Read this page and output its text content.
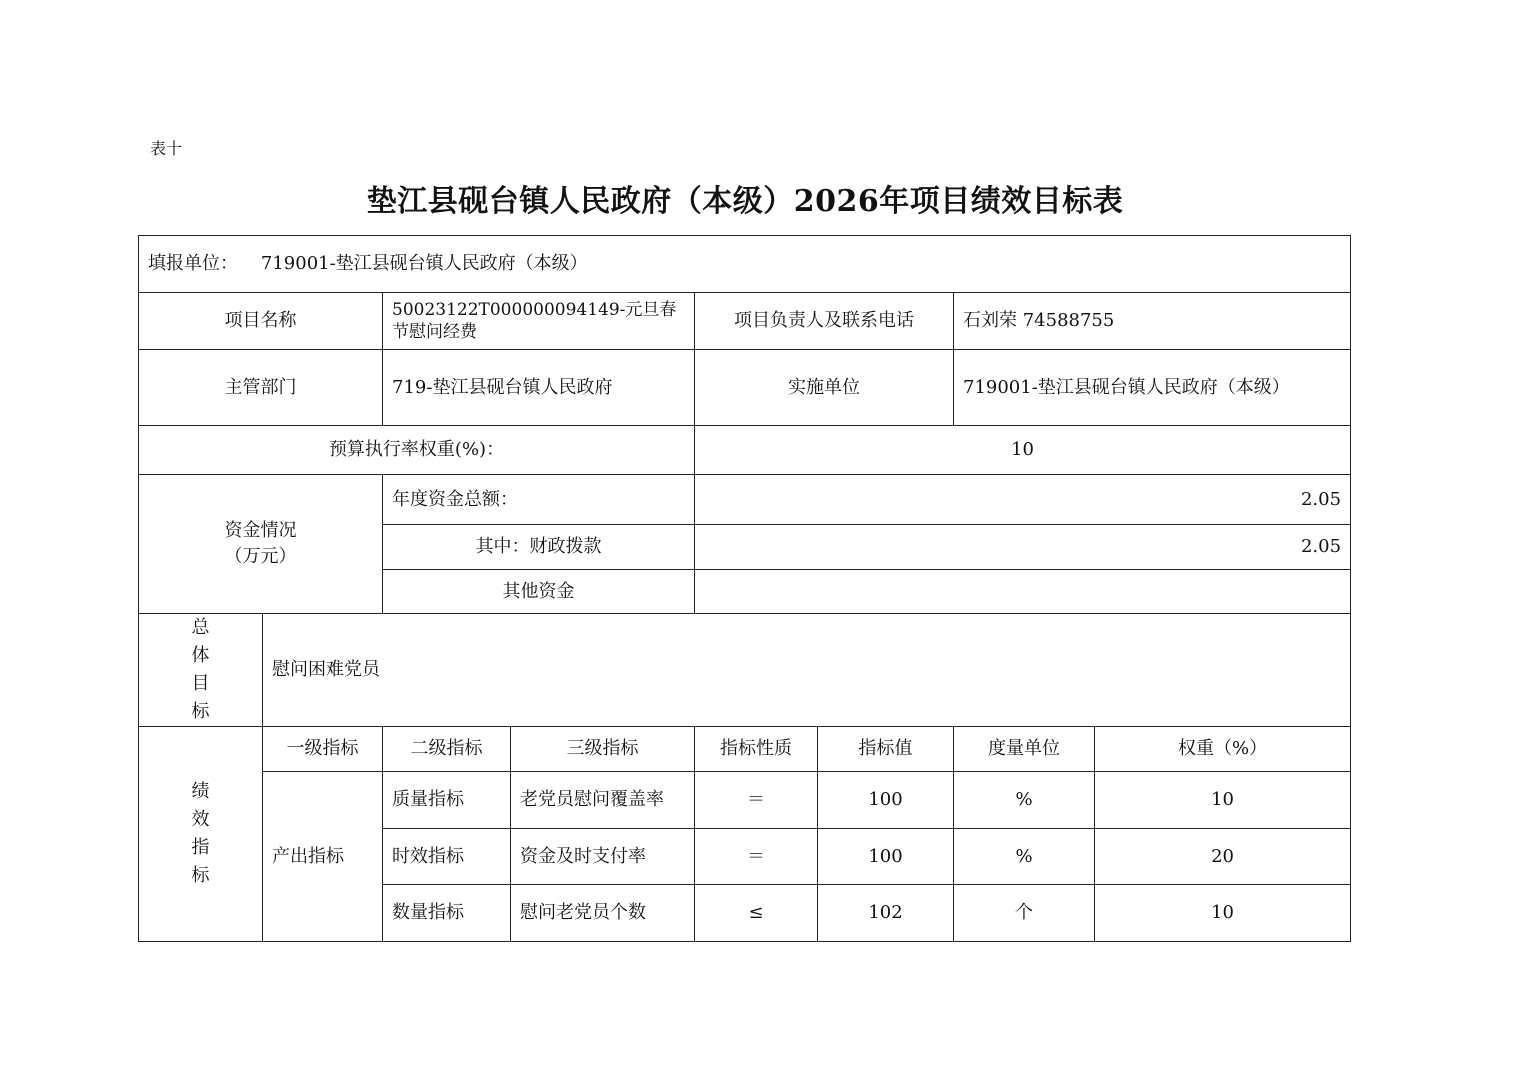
表十
垫江县砚台镇人民政府（本级）2026年项目绩效目标表
填报单位： 719001-垫江县砚台镇人民政府（本级）							
项目名称		50023122T000000094149-元旦春节慰问经费		项目负责人及联系电话		石刘荣 74588755	
主管部门		719-垫江县砚台镇人民政府		实施单位		719001-垫江县砚台镇人民政府（本级）	
预算执行率权重(%)：				10			

资金情况
（万元）		年度资金总额：		2.05			
		其中：财政拨款		2.05			
		其他资金					

总
体
目
标	慰问困难党员						

绩
效
指
标	一级指标	二级指标	三级指标	指标性质	指标值	度量单位	权重（%）
	产出指标	质量指标	老党员慰问覆盖率	＝	100	%	10
		时效指标	资金及时支付率	＝	100	%	20
		数量指标	慰问老党员个数	≤	102	个	10
